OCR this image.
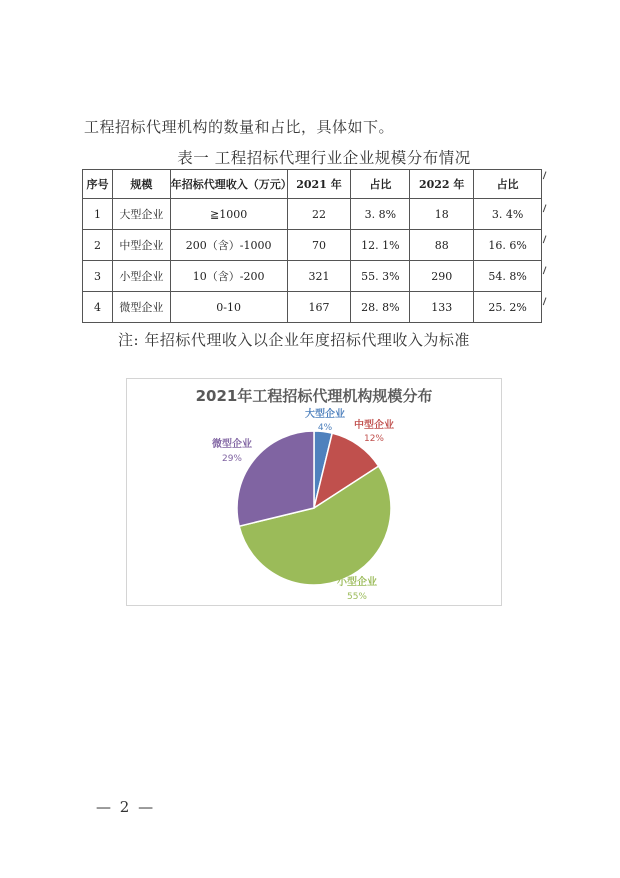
工程招标代理机构的数量和占比，具体如下。
表一 工程招标代理行业企业规模分布情况
序号	规模	年招标代理收入（万元）	2021 年	占比	2022 年	占比
1	大型企业	≧1000	22	3. 8%	18	3. 4%
2	中型企业	200（含）-1000	70	12. 1%	88	16. 6%
3	小型企业	10（含）-200	321	55. 3%	290	54. 8%
4	微型企业	0-10	167	28. 8%	133	25. 2%
注: 年招标代理收入以企业年度招标代理收入为标准
2021年工程招标代理机构规模分布
大型企业
4% 中型企业
12%
小型企业
55%
微型企业
29%
— 2 —
